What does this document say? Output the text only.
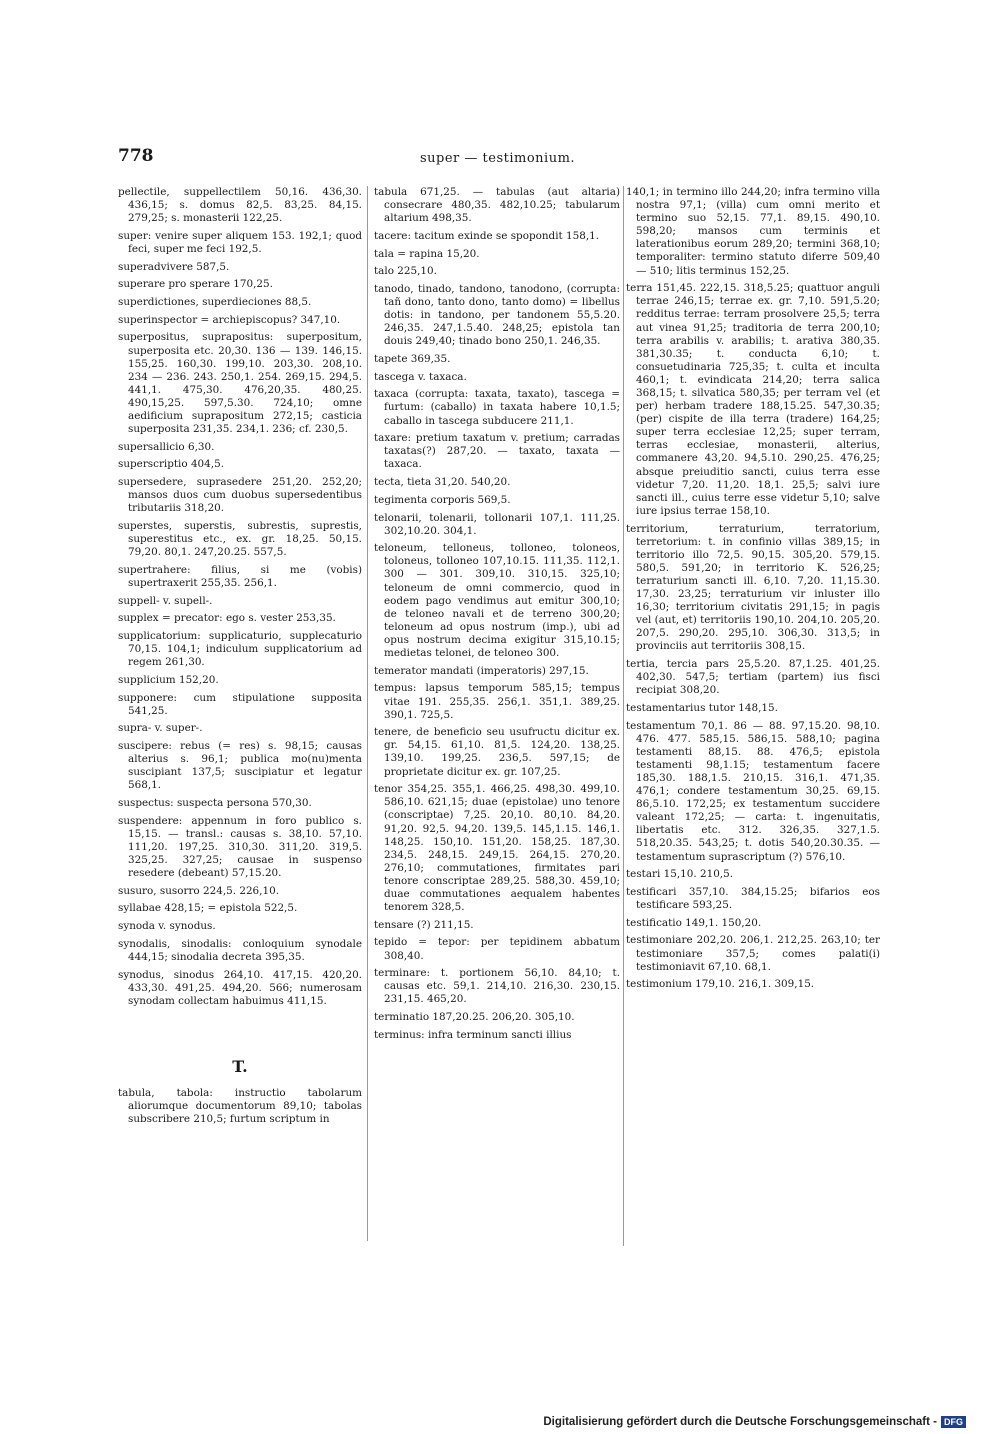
778	super — testimonium.

pellectile, suppellectilem 50,16. 436,30. 436,15; s. domus 82,5. 83,25. 84,15. 279,25; s. monasterii 122,25.

super: venire super aliquem 153. 192,1; quod feci, super me feci 192,5.

superadvivere 587,5.

superare pro sperare 170,25.

superdictiones, superdieciones 88,5.

superinspector = archiepiscopus? 347,10.

superpositus, suprapositus: superpositum, superposita etc. 20,30. 136 — 139. 146,15. 155,25. 160,30. 199,10. 203,30. 208,10. 234 — 236. 243. 250,1. 254. 269,15. 294,5. 441,1. 475,30. 476,20,35. 480,25. 490,15,25. 597,5.30. 724,10; omne aedificium suprapositum 272,15; casticia superposita 231,35. 234,1. 236; cf. 230,5.

supersallicio 6,30.

superscriptio 404,5.

supersedere, suprasedere 251,20. 252,20; mansos duos cum duobus supersedentibus tributariis 318,20.

superstes, superstis, subrestis, suprestis, superestitus etc., ex. gr. 18,25. 50,15. 79,20. 80,1. 247,20.25. 557,5.

supertrahere: filius, si me (vobis) supertraxerit 255,35. 256,1.

suppell- v. supell-.

supplex = precator: ego s. vester 253,35.

supplicatorium: supplicaturio, supplecaturio 70,15. 104,1; indiculum supplicatorium ad regem 261,30.

supplicium 152,20.

supponere: cum stipulatione supposita 541,25.

supra- v. super-.

suscipere: rebus (= res) s. 98,15; causas alterius s. 96,1; publica mo(nu)menta suscipiant 137,5; suscipiatur et legatur 568,1.

suspectus: suspecta persona 570,30.

suspendere: appennum in foro publico s. 15,15. — transl.: causas s. 38,10. 57,10. 111,20. 197,25. 310,30. 311,20. 319,5. 325,25. 327,25; causae in suspenso resedere (debeant) 57,15.20.

susuro, susorro 224,5. 226,10.

syllabae 428,15; = epistola 522,5.

synoda v. synodus.

synodalis, sinodalis: conloquium synodale 444,15; sinodalia decreta 395,35.

synodus, sinodus 264,10. 417,15. 420,20. 433,30. 491,25. 494,20. 566; numerosam synodam collectam habuimus 411,15.

T.

tabula, tabola: instructio tabolarum aliorumque documentorum 89,10; tabolas subscribere 210,5; furtum scriptum in

tabula 671,25. — tabulas (aut altaria) consecrare 480,35. 482,10.25; tabularum altarium 498,35.

tacere: tacitum exinde se spopondit 158,1.

tala = rapina 15,20.

talo 225,10.

tanodo, tinado, tandono, tanodono, (corrupta: tañ dono, tanto dono, tanto domo) = libellus dotis: in tandono, per tandonem 55,5.20. 246,35. 247,1.5.40. 248,25; epistola tan douis 249,40; tinado bono 250,1. 246,35.

tapete 369,35.

tascega v. taxaca.

taxaca (corrupta: taxata, taxato), tascega = furtum: (caballo) in taxata habere 10,1.5; caballo in tascega subducere 211,1.

taxare: pretium taxatum v. pretium; carradas taxatas(?) 287,20. — taxato, taxata — taxaca.

tecta, tieta 31,20. 540,20.

tegimenta corporis 569,5.

telonarii, tolenarii, tollonarii 107,1. 111,25. 302,10.20. 304,1.

teloneum, telloneus, tolloneo, toloneos, toloneus, tolloneo 107,10.15. 111,35. 112,1. 300 — 301. 309,10. 310,15. 325,10; teloneum de omni commercio, quod in eodem pago vendimus aut emitur 300,10; de teloneo navali et de terreno 300,20; teloneum ad opus nostrum (imp.), ubi ad opus nostrum decima exigitur 315,10.15; medietas telonei, de teloneo 300.

temerator mandati (imperatoris) 297,15.

tempus: lapsus temporum 585,15; tempus vitae 191. 255,35. 256,1. 351,1. 389,25. 390,1. 725,5.

tenere, de beneficio seu usufructu dicitur ex. gr. 54,15. 61,10. 81,5. 124,20. 138,25. 139,10. 199,25. 236,5. 597,15; de proprietate dicitur ex. gr. 107,25.

tenor 354,25. 355,1. 466,25. 498,30. 499,10. 586,10. 621,15; duae (epistolae) uno tenore (conscriptae) 7,25. 20,10. 80,10. 84,20. 91,20. 92,5. 94,20. 139,5. 145,1.15. 146,1. 148,25. 150,10. 151,20. 158,25. 187,30. 234,5. 248,15. 249,15. 264,15. 270,20. 276,10; commutationes, firmitates pari tenore conscriptae 289,25. 588,30. 459,10; duae commutationes aequalem habentes tenorem 328,5.

tensare (?) 211,15.

tepido = tepor: per tepidinem abbatum 308,40.

terminare: t. portionem 56,10. 84,10; t. causas etc. 59,1. 214,10. 216,30. 230,15. 231,15. 465,20.

terminatio 187,20.25. 206,20. 305,10.

terminus: infra terminum sancti illius

140,1; in termino illo 244,20; infra termino villa nostra 97,1; (villa) cum omni merito et termino suo 52,15. 77,1. 89,15. 490,10. 598,20; mansos cum terminis et laterationibus eorum 289,20; termini 368,10; temporaliter: termino statuto diferre 509,40 — 510; litis terminus 152,25.

terra 151,45. 222,15. 318,5.25; quattuor anguli terrae 246,15; terrae ex. gr. 7,10. 591,5.20; redditus terrae: terram prosolvere 25,5; terra aut vinea 91,25; traditoria de terra 200,10; terra arabilis v. arabilis; t. arativa 380,35. 381,30.35; t. conducta 6,10; t. consuetudinaria 725,35; t. culta et inculta 460,1; t. evindicata 214,20; terra salica 368,15; t. silvatica 580,35; per terram vel (et per) herbam tradere 188,15.25. 547,30.35; (per) cispite de illa terra (tradere) 164,25; super terra ecclesiae 12,25; super terram, terras ecclesiae, monasterii, alterius, commanere 43,20. 94,5.10. 290,25. 476,25; absque preiuditio sancti, cuius terra esse videtur 7,20. 11,20. 18,1. 25,5; salvi iure sancti ill., cuius terre esse videtur 5,10; salve iure ipsius terrae 158,10.

territorium, terraturium, terratorium, terretorium: t. in confinio villas 389,15; in territorio illo 72,5. 90,15. 305,20. 579,15. 580,5. 591,20; in territorio K. 526,25; terraturium sancti ill. 6,10. 7,20. 11,15.30. 17,30. 23,25; terraturium vir inluster illo 16,30; territorium civitatis 291,15; in pagis vel (aut, et) territoriis 190,10. 204,10. 205,20. 207,5. 290,20. 295,10. 306,30. 313,5; in provinciis aut territoriis 308,15.

tertia, tercia pars 25,5.20. 87,1.25. 401,25. 402,30. 547,5; tertiam (partem) ius fisci recipiat 308,20.

testamentarius tutor 148,15.

testamentum 70,1. 86 — 88. 97,15.20. 98,10. 476. 477. 585,15. 586,15. 588,10; pagina testamenti 88,15. 88. 476,5; epistola testamenti 98,1.15; testamentum facere 185,30. 188,1.5. 210,15. 316,1. 471,35. 476,1; condere testamentum 30,25. 69,15. 86,5.10. 172,25; ex testamentum succidere valeant 172,25; — carta: t. ingenuitatis, libertatis etc. 312. 326,35. 327,1.5. 518,20.35. 543,25; t. dotis 540,20.30.35. — testamentum suprascriptum (?) 576,10.

testari 15,10. 210,5.

testificari 357,10. 384,15.25; bifarios eos testificare 593,25.

testificatio 149,1. 150,20.

testimoniare 202,20. 206,1. 212,25. 263,10; ter testimoniare 357,5; comes palati(i) testimoniavit 67,10. 68,1.

testimonium 179,10. 216,1. 309,15.

Digitalisierung gefördert durch die Deutsche Forschungsgemeinschaft - DFG
